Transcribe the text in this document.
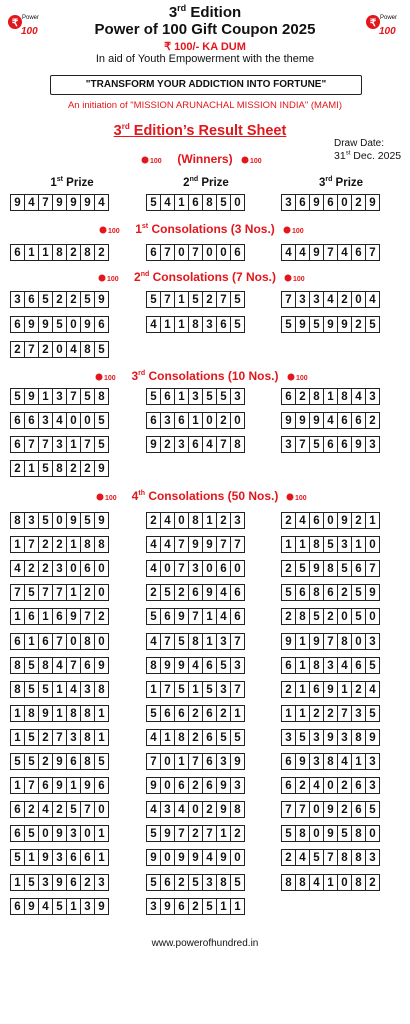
₹ Power
100
₹ Power
100
3rd Edition
Power of 100 Gift Coupon 2025
₹ 100/- KA DUM
In aid of Youth Empowerment with the theme
"TRANSFORM YOUR ADDICTION INTO FORTUNE"
An initiation of "MISSION ARUNACHAL MISSION INDIA" (MAMI)
3rd Edition’s Result Sheet
Draw Date:
31st Dec. 2025
100 (Winners) 100
1st Prize	2nd Prize	3rd Prize
100 1st Consolations (3 Nos.) 100
100 2nd Consolations (7 Nos.) 100
100 3rd Consolations (10 Nos.) 100
100 4th Consolations (50 Nos.) 100
9 4 7 9 9 9 4	5 4 1 6 8 5 0	3 6 9 6 0 2 9
6 1 1 8 2 8 2	6 7 0 7 0 0 6	4 4 9 7 4 6 7
3 6 5 2 2 5 9	5 7 1 5 2 7 5	7 3 3 4 2 0 4
6 9 9 5 0 9 6	4 1 1 8 3 6 5	5 9 5 9 9 2 5
2 7 2 0 4 8 5
5 9 1 3 7 5 8	5 6 1 3 5 5 3	6 2 8 1 8 4 3
6 6 3 4 0 0 5	6 3 6 1 0 2 0	9 9 9 4 6 6 2
6 7 7 3 1 7 5	9 2 3 6 4 7 8	3 7 5 6 6 9 3
2 1 5 8 2 2 9
8 3 5 0 9 5 9	2 4 0 8 1 2 3	2 4 6 0 9 2 1
1 7 2 2 1 8 8	4 4 7 9 9 7 7	1 1 8 5 3 1 0
4 2 2 3 0 6 0	4 0 7 3 0 6 0	2 5 9 8 5 6 7
7 5 7 7 1 2 0	2 5 2 6 9 4 6	5 6 8 6 2 5 9
1 6 1 6 9 7 2	5 6 9 7 1 4 6	2 8 5 2 0 5 0
6 1 6 7 0 8 0	4 7 5 8 1 3 7	9 1 9 7 8 0 3
8 5 8 4 7 6 9	8 9 9 4 6 5 3	6 1 8 3 4 6 5
8 5 5 1 4 3 8	1 7 5 1 5 3 7	2 1 6 9 1 2 4
1 8 9 1 8 8 1	5 6 6 2 6 2 1	1 1 2 2 7 3 5
1 5 2 7 3 8 1	4 1 8 2 6 5 5	3 5 3 9 3 8 9
5 5 2 9 6 8 5	7 0 1 7 6 3 9	6 9 3 8 4 1 3
1 7 6 9 1 9 6	9 0 6 2 6 9 3	6 2 4 0 2 6 3
6 2 4 2 5 7 0	4 3 4 0 2 9 8	7 7 0 9 2 6 5
6 5 0 9 3 0 1	5 9 7 2 7 1 2	5 8 0 9 5 8 0
5 1 9 3 6 6 1	9 0 9 9 4 9 0	2 4 5 7 8 8 3
1 5 3 9 6 2 3	5 6 2 5 3 8 5	8 8 4 1 0 8 2
6 9 4 5 1 3 9	3 9 6 2 5 1 1
www.powerofhundred.in
